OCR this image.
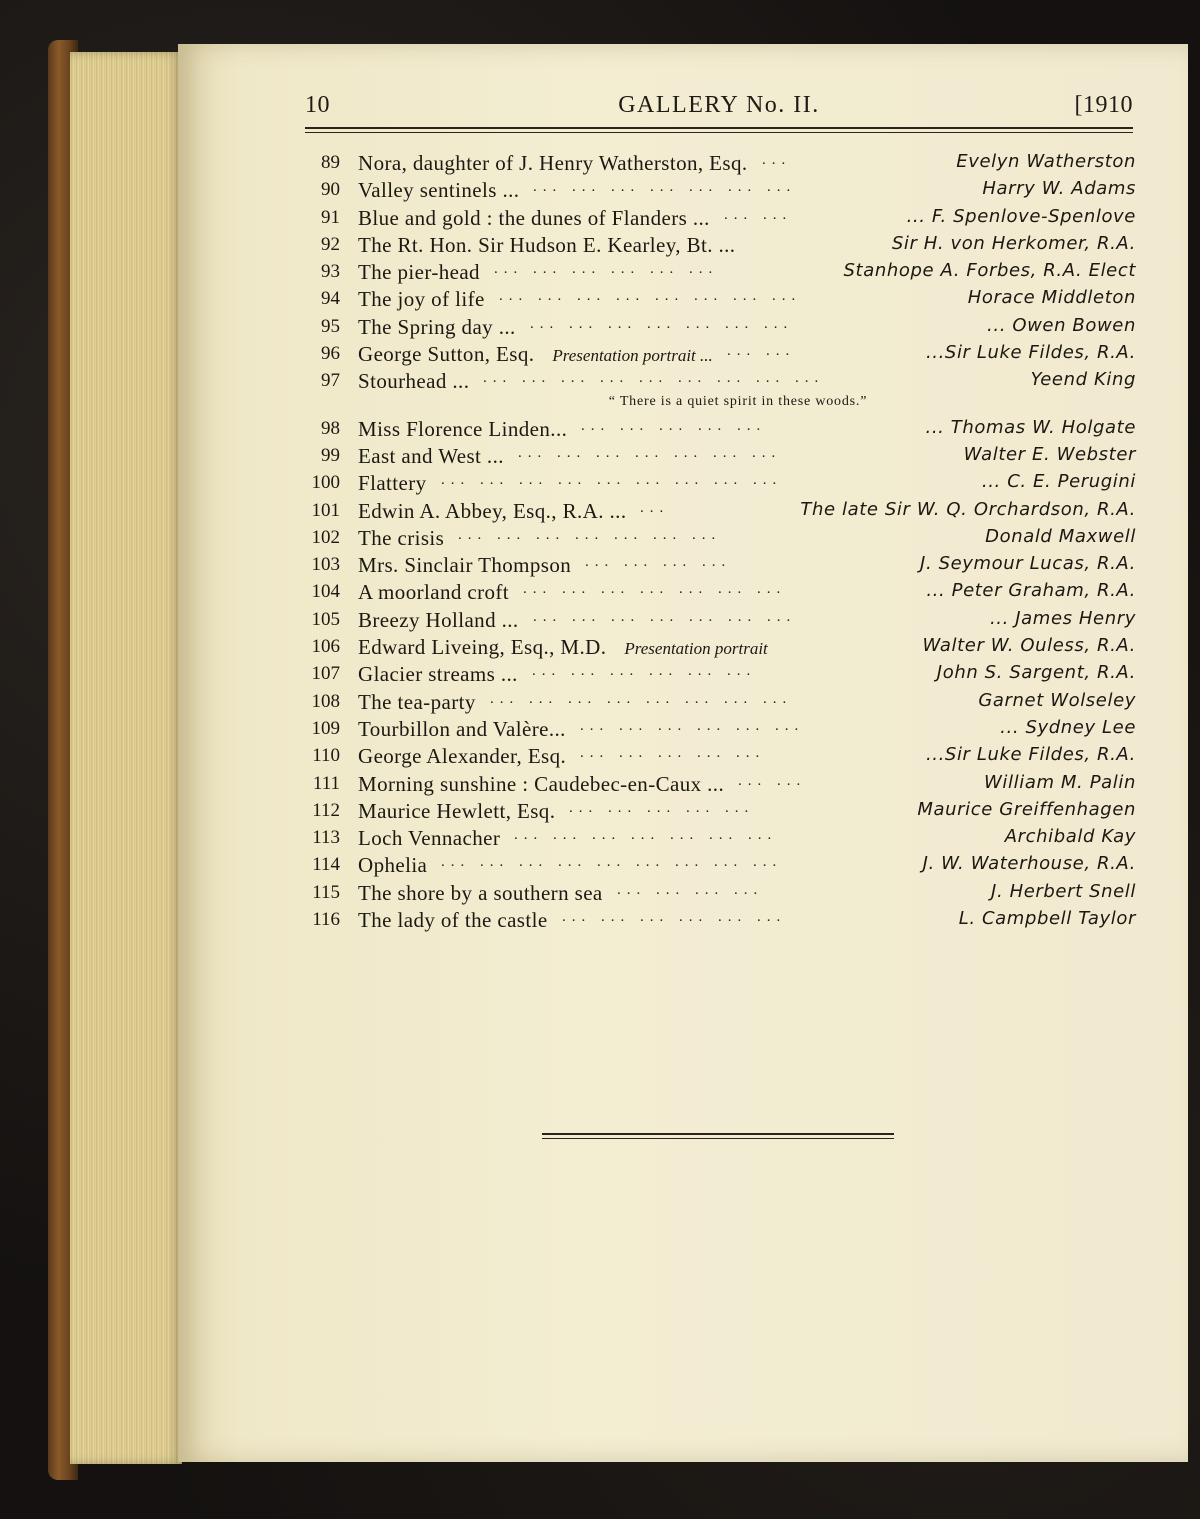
10	GALLERY No. II.	[1910
89 Nora, daughter of J. Henry Watherston, Esq. ...	Evelyn Watherston
90 Valley sentinels ... ... ... ... ... ... ... ...	Harry W. Adams
91 Blue and gold : the dunes of Flanders ... ... ...	... F. Spenlove-Spenlove
92 The Rt. Hon. Sir Hudson E. Kearley, Bt. ...	Sir H. von Herkomer, R.A.
93 The pier-head ... ... ... ... ... ...	Stanhope A. Forbes, R.A. Elect
94 The joy of life ... ... ... ... ... ... ... ...	Horace Middleton
95 The Spring day ... ... ... ... ... ... ... ...	... Owen Bowen
96 George Sutton, Esq. Presentation portrait ... ... ...	...Sir Luke Fildes, R.A.
97 Stourhead ... ... ... ... ... ... ... ... ... ...	Yeend King
“ There is a quiet spirit in these woods.”
98 Miss Florence Linden... ... ... ... ... ...	... Thomas W. Holgate
99 East and West ... ... ... ... ... ... ... ...	Walter E. Webster
100 Flattery ... ... ... ... ... ... ... ... ...	... C. E. Perugini
101 Edwin A. Abbey, Esq., R.A. ... ...	The late Sir W. Q. Orchardson, R.A.
102 The crisis ... ... ... ... ... ... ...	Donald Maxwell
103 Mrs. Sinclair Thompson ... ... ... ...	J. Seymour Lucas, R.A.
104 A moorland croft ... ... ... ... ... ... ...	... Peter Graham, R.A.
105 Breezy Holland ... ... ... ... ... ... ... ...	... James Henry
106 Edward Liveing, Esq., M.D. Presentation portrait	Walter W. Ouless, R.A.
107 Glacier streams ... ... ... ... ... ... ...	John S. Sargent, R.A.
108 The tea-party ... ... ... ... ... ... ... ...	Garnet Wolseley
109 Tourbillon and Valère... ... ... ... ... ... ...	... Sydney Lee
110 George Alexander, Esq. ... ... ... ... ...	...Sir Luke Fildes, R.A.
111 Morning sunshine : Caudebec-en-Caux ... ... ...	William M. Palin
112 Maurice Hewlett, Esq. ... ... ... ... ...	Maurice Greiffenhagen
113 Loch Vennacher ... ... ... ... ... ... ...	Archibald Kay
114 Ophelia ... ... ... ... ... ... ... ... ...	J. W. Waterhouse, R.A.
115 The shore by a southern sea ... ... ... ...	J. Herbert Snell
116 The lady of the castle ... ... ... ... ... ...	L. Campbell Taylor
